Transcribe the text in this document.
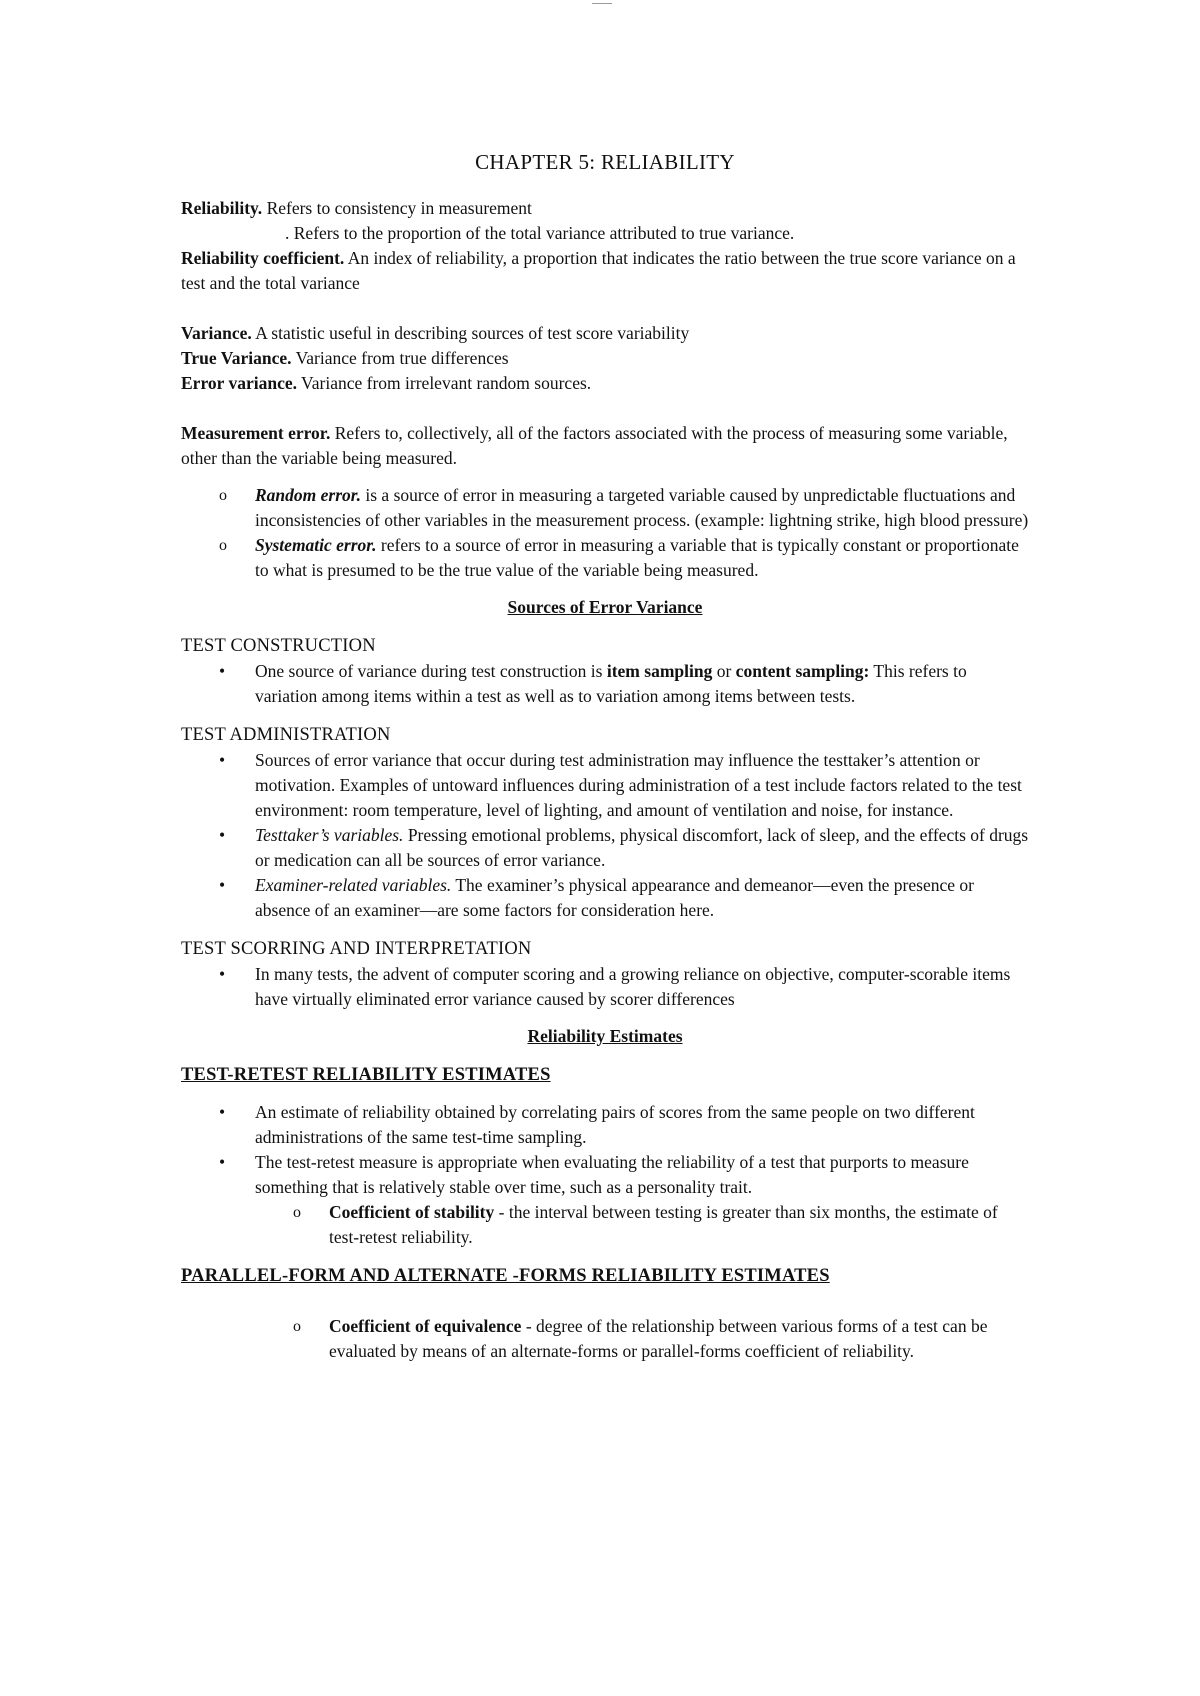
——
CHAPTER 5: RELIABILITY

Reliability. Refers to consistency in measurement

. Refers to the proportion of the total variance attributed to true variance.

Reliability coefficient. An index of reliability, a proportion that indicates the ratio between the true score variance on a test and the total variance

Variance. A statistic useful in describing sources of test score variability

True Variance. Variance from true differences

Error variance. Variance from irrelevant random sources.

Measurement error. Refers to, collectively, all of the factors associated with the process of measuring some variable, other than the variable being measured.

o	Random error. is a source of error in measuring a targeted variable caused by unpredictable fluctuations and inconsistencies of other variables in the measurement process. (example: lightning strike, high blood pressure)
o	Systematic error. refers to a source of error in measuring a variable that is typically constant or proportionate to what is presumed to be the true value of the variable being measured.

Sources of Error Variance

TEST CONSTRUCTION
•	One source of variance during test construction is item sampling or content sampling: This refers to variation among items within a test as well as to variation among items between tests.
TEST ADMINISTRATION
•	Sources of error variance that occur during test administration may influence the testtaker’s attention or motivation. Examples of untoward influences during administration of a test include factors related to the test environment: room temperature, level of lighting, and amount of ventilation and noise, for instance.
•	Testtaker’s variables. Pressing emotional problems, physical discomfort, lack of sleep, and the effects of drugs or medication can all be sources of error variance.
•	Examiner-related variables. The examiner’s physical appearance and demeanor—even the presence or absence of an examiner—are some factors for consideration here.
TEST SCORRING AND INTERPRETATION
•	In many tests, the advent of computer scoring and a growing reliance on objective, computer-scorable items have virtually eliminated error variance caused by scorer differences

Reliability Estimates

TEST-RETEST RELIABILITY ESTIMATES
•	An estimate of reliability obtained by correlating pairs of scores from the same people on two different administrations of the same test-time sampling.
•	The test-retest measure is appropriate when evaluating the reliability of a test that purports to measure something that is relatively stable over time, such as a personality trait.
o	Coefficient of stability - the interval between testing is greater than six months, the estimate of test-retest reliability.
PARALLEL-FORM AND ALTERNATE -FORMS RELIABILITY ESTIMATES
o	Coefficient of equivalence - degree of the relationship between various forms of a test can be evaluated by means of an alternate-forms or parallel-forms coefficient of reliability.
